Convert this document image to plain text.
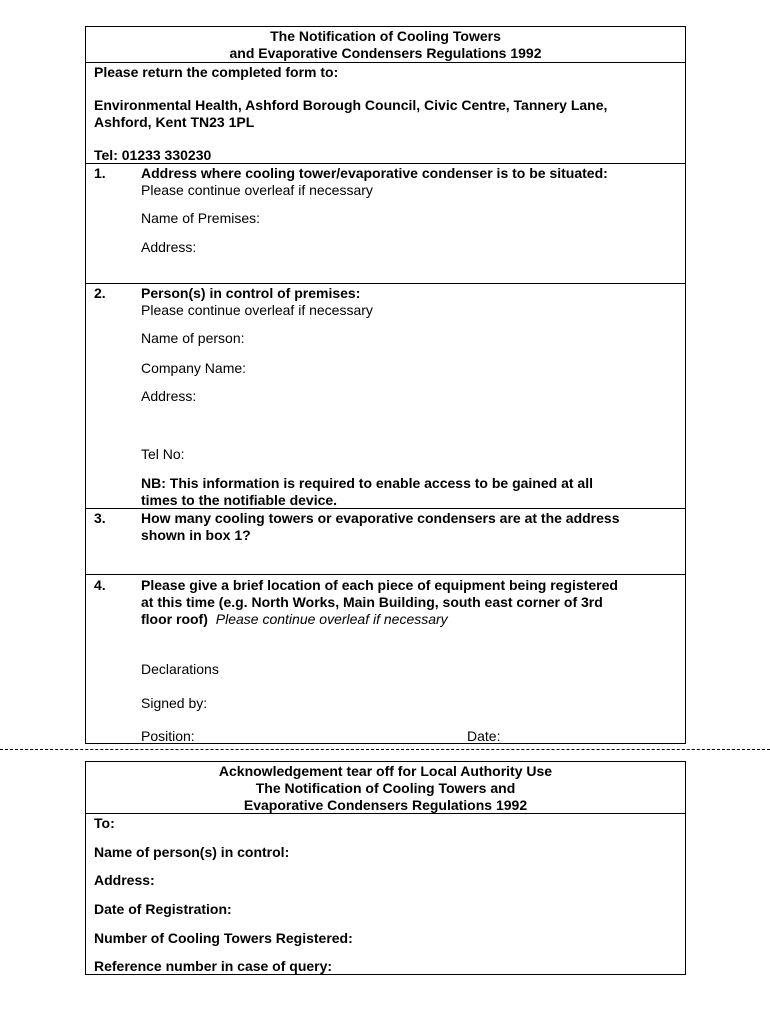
The Notification of Cooling Towers
and Evaporative Condensers Regulations 1992
Please return the completed form to:
Environmental Health, Ashford Borough Council, Civic Centre, Tannery Lane,
Ashford, Kent TN23 1PL
Tel: 01233 330230
1.	Address where cooling tower/evaporative condenser is to be situated:
Please continue overleaf if necessary
Name of Premises:
Address:
2.	Person(s) in control of premises:
Please continue overleaf if necessary
Name of person:
Company Name:
Address:
Tel No:
NB: This information is required to enable access to be gained at all
times to the notifiable device.
3.	How many cooling towers or evaporative condensers are at the address
shown in box 1?
4.	Please give a brief location of each piece of equipment being registered
at this time (e.g. North Works, Main Building, south east corner of 3rd
floor roof) Please continue overleaf if necessary
Declarations
Signed by:
Position:	Date:
Acknowledgement tear off for Local Authority Use
The Notification of Cooling Towers and
Evaporative Condensers Regulations 1992
To:
Name of person(s) in control:
Address:
Date of Registration:
Number of Cooling Towers Registered:
Reference number in case of query:
